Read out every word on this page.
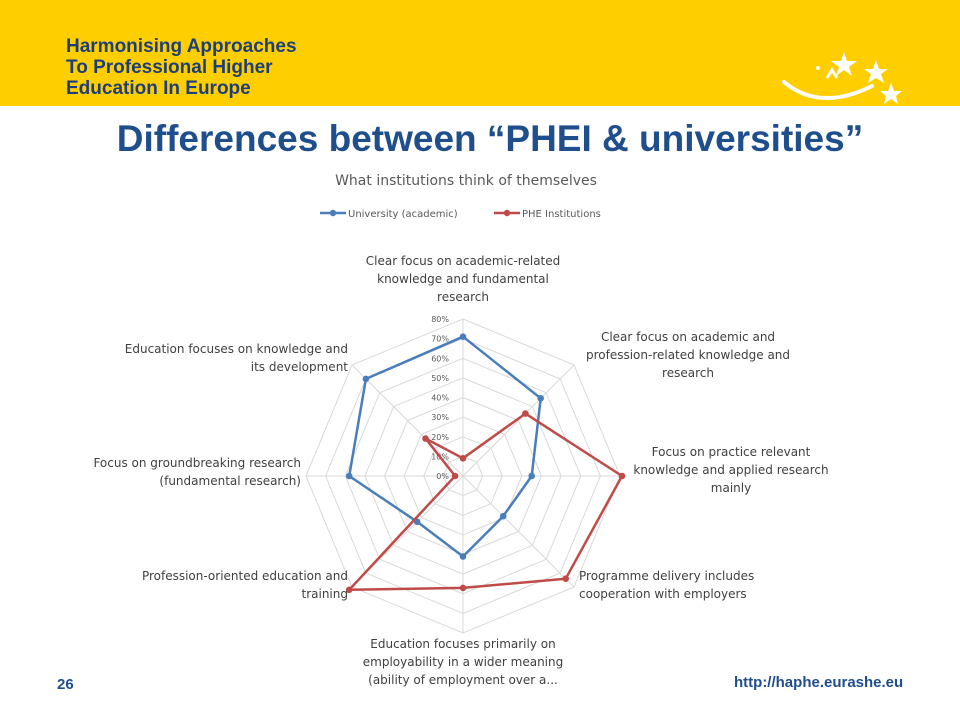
Harmonising Approaches
To Professional Higher
Education In Europe
Differences between “PHEI & universities”
What institutions think of themselves
University (academic)	PHE Institutions
0%
10%
20%
30%
40%
50%
60%
70%
80%
Clear focus on academic-related
knowledge and fundamental
research
Clear focus on academic and
profession-related knowledge and
research
Focus on practice relevant
knowledge and applied research
mainly
Programme delivery includes
cooperation with employers
Education focuses primarily on
employability in a wider meaning
(ability of employment over a...
Profession-oriented education and
training
Focus on groundbreaking research
(fundamental research)
Education focuses on knowledge and
its development
26	http://haphe.eurashe.eu
